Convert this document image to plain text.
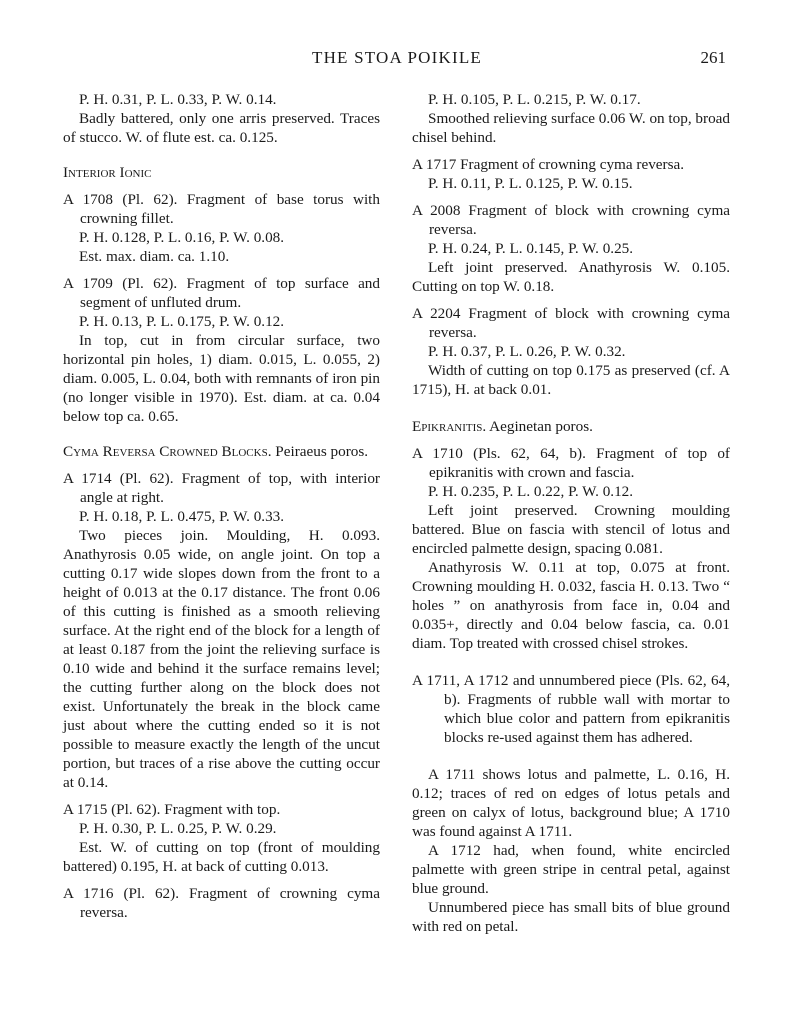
THE STOA POIKILE	261

P. H. 0.31, P. L. 0.33, P. W. 0.14.

Badly battered, only one arris preserved. Traces of stucco. W. of flute est. ca. 0.125.

Interior Ionic

A 1708 (Pl. 62). Fragment of base torus with crowning fillet.

P. H. 0.128, P. L. 0.16, P. W. 0.08.

Est. max. diam. ca. 1.10.

A 1709 (Pl. 62). Fragment of top surface and segment of unfluted drum.

P. H. 0.13, P. L. 0.175, P. W. 0.12.

In top, cut in from circular surface, two horizontal pin holes, 1) diam. 0.015, L. 0.055, 2) diam. 0.005, L. 0.04, both with remnants of iron pin (no longer visible in 1970). Est. diam. at ca. 0.04 below top ca. 0.65.

Cyma Reversa Crowned Blocks. Peiraeus poros.

A 1714 (Pl. 62). Fragment of top, with interior angle at right.

P. H. 0.18, P. L. 0.475, P. W. 0.33.

Two pieces join. Moulding, H. 0.093. Anathyrosis 0.05 wide, on angle joint. On top a cutting 0.17 wide slopes down from the front to a height of 0.013 at the 0.17 distance. The front 0.06 of this cutting is finished as a smooth relieving surface. At the right end of the block for a length of at least 0.187 from the joint the relieving surface is 0.10 wide and behind it the surface remains level; the cutting further along on the block does not exist. Unfortunately the break in the block came just about where the cutting ended so it is not possible to measure exactly the length of the uncut portion, but traces of a rise above the cutting occur at 0.14.

A 1715 (Pl. 62). Fragment with top.

P. H. 0.30, P. L. 0.25, P. W. 0.29.

Est. W. of cutting on top (front of moulding battered) 0.195, H. at back of cutting 0.013.

A 1716 (Pl. 62). Fragment of crowning cyma reversa.

P. H. 0.105, P. L. 0.215, P. W. 0.17.

Smoothed relieving surface 0.06 W. on top, broad chisel behind.

A 1717 Fragment of crowning cyma reversa.

P. H. 0.11, P. L. 0.125, P. W. 0.15.

A 2008 Fragment of block with crowning cyma reversa.

P. H. 0.24, P. L. 0.145, P. W. 0.25.

Left joint preserved. Anathyrosis W. 0.105. Cutting on top W. 0.18.

A 2204 Fragment of block with crowning cyma reversa.

P. H. 0.37, P. L. 0.26, P. W. 0.32.

Width of cutting on top 0.175 as preserved (cf. A 1715), H. at back 0.01.

Epikranitis. Aeginetan poros.

A 1710 (Pls. 62, 64, b). Fragment of top of epikranitis with crown and fascia.

P. H. 0.235, P. L. 0.22, P. W. 0.12.

Left joint preserved. Crowning moulding battered. Blue on fascia with stencil of lotus and encircled palmette design, spacing 0.081.

Anathyrosis W. 0.11 at top, 0.075 at front. Crowning moulding H. 0.032, fascia H. 0.13. Two “ holes ” on anathyrosis from face in, 0.04 and 0.035+, directly and 0.04 below fascia, ca. 0.01 diam. Top treated with crossed chisel strokes.

A 1711, A 1712 and unnumbered piece (Pls. 62, 64, b). Fragments of rubble wall with mortar to which blue color and pattern from epikranitis blocks re-used against them has adhered.

A 1711 shows lotus and palmette, L. 0.16, H. 0.12; traces of red on edges of lotus petals and green on calyx of lotus, background blue; A 1710 was found against A 1711.

A 1712 had, when found, white encircled palmette with green stripe in central petal, against blue ground.

Unnumbered piece has small bits of blue ground with red on petal.
